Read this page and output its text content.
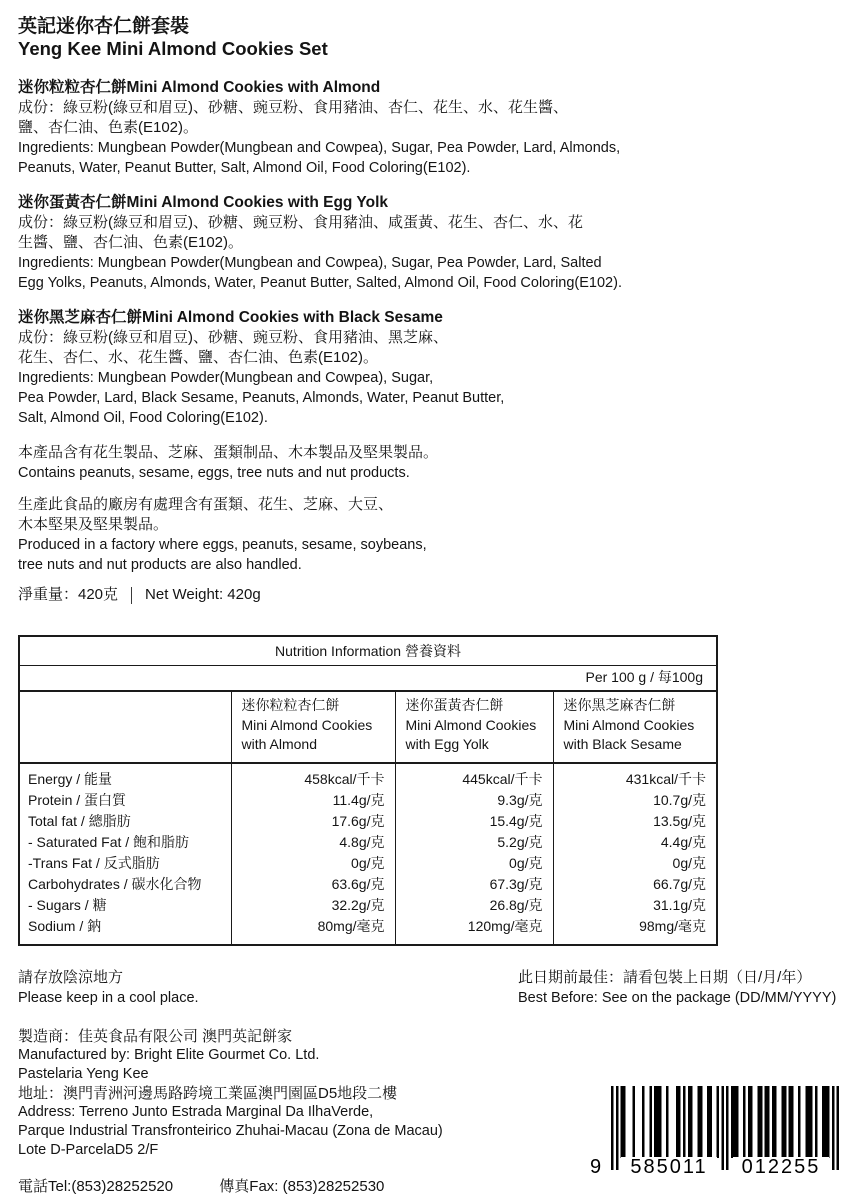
英記迷你杏仁餅套裝
Yeng Kee Mini Almond Cookies Set
迷你粒粒杏仁餅Mini Almond Cookies with Almond
成份：綠豆粉(綠豆和眉豆)、砂糖、豌豆粉、食用豬油、杏仁、花生、水、花生醬、
鹽、杏仁油、色素(E102)。
Ingredients: Mungbean Powder(Mungbean and Cowpea), Sugar, Pea Powder, Lard, Almonds,
Peanuts, Water, Peanut Butter, Salt, Almond Oil, Food Coloring(E102).
迷你蛋黃杏仁餅Mini Almond Cookies with Egg Yolk
成份：綠豆粉(綠豆和眉豆)、砂糖、豌豆粉、食用豬油、咸蛋黃、花生、杏仁、水、花
生醬、鹽、杏仁油、色素(E102)。
Ingredients: Mungbean Powder(Mungbean and Cowpea), Sugar, Pea Powder, Lard, Salted
Egg Yolks, Peanuts, Almonds, Water, Peanut Butter, Salted, Almond Oil, Food Coloring(E102).
迷你黑芝麻杏仁餅Mini Almond Cookies with Black Sesame
成份：綠豆粉(綠豆和眉豆)、砂糖、豌豆粉、食用豬油、黑芝麻、
花生、杏仁、水、花生醬、鹽、杏仁油、色素(E102)。
Ingredients: Mungbean Powder(Mungbean and Cowpea), Sugar,
Pea Powder, Lard, Black Sesame, Peanuts, Almonds, Water, Peanut Butter,
Salt, Almond Oil, Food Coloring(E102).
本產品含有花生製品、芝麻、蛋類制品、木本製品及堅果製品。
Contains peanuts, sesame, eggs, tree nuts and nut products.
生產此食品的廠房有處理含有蛋類、花生、芝麻、大豆、
木本堅果及堅果製品。
Produced in a factory where eggs, peanuts, sesame, soybeans,
tree nuts and nut products are also handled.
淨重量：420克 Net Weight: 420g
Nutrition Information 營養資料			
Per 100 g / 每100g			

迷你粒粒杏仁餅
Mini Almond Cookies
with Almond

迷你蛋黃杏仁餅
Mini Almond Cookies
with Egg Yolk

迷你黑芝麻杏仁餅
Mini Almond Cookies
with Black Sesame

Energy / 能量	458kcal/千卡	445kcal/千卡	431kcal/千卡
Protein / 蛋白質	11.4g/克	9.3g/克	10.7g/克
Total fat / 總脂肪	17.6g/克	15.4g/克	13.5g/克
- Saturated Fat / 飽和脂肪	4.8g/克	5.2g/克	4.4g/克
-Trans Fat / 反式脂肪	0g/克	0g/克	0g/克
Carbohydrates / 碳水化合物	63.6g/克	67.3g/克	66.7g/克
- Sugars / 糖	32.2g/克	26.8g/克	31.1g/克
Sodium / 鈉	80mg/毫克	120mg/毫克	98mg/毫克
請存放陰涼地方
Please keep in a cool place.
此日期前最佳：請看包裝上日期（日/月/年）
Best Before: See on the package (DD/MM/YYYY)
製造商：佳英食品有限公司 澳門英記餅家
Manufactured by: Bright Elite Gourmet Co. Ltd.
Pastelaria Yeng Kee
地址：澳門青洲河邊馬路跨境工業區澳門園區D5地段二樓
Address: Terreno Junto Estrada Marginal Da IlhaVerde,
Parque Industrial Transfronteirico Zhuhai-Macau (Zona de Macau)
Lote D-ParcelaD5 2/F
電話Tel:(853)28252520	傳真Fax: (853)28252530
9	585011	012255
